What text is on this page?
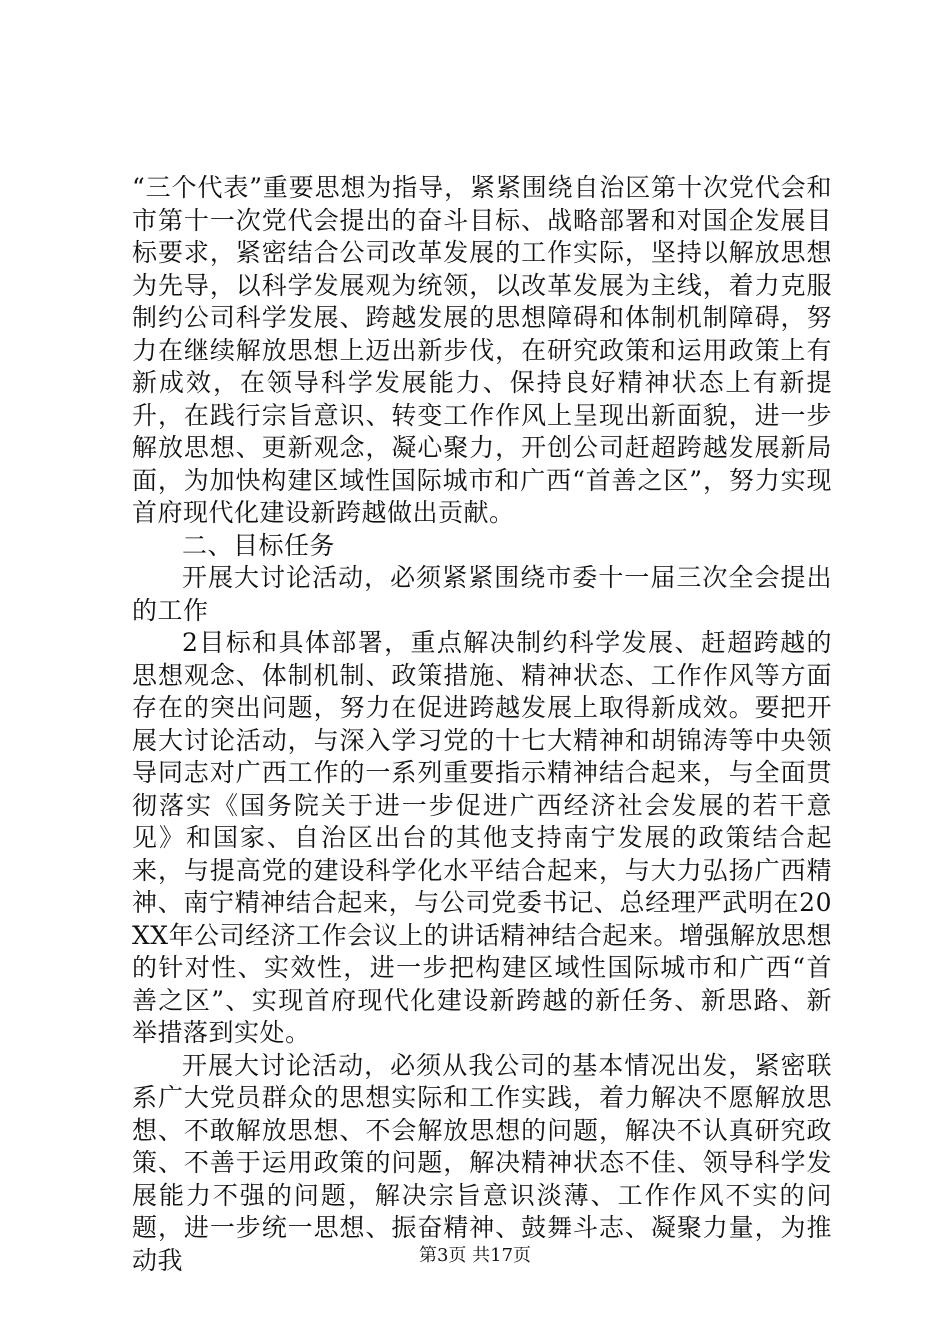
“三个代表”重要思想为指导，紧紧围绕自治区第十次党代会和市第十一次党代会提出的奋斗目标、战略部署和对国企发展目标要求，紧密结合公司改革发展的工作实际，坚持以解放思想为先导，以科学发展观为统领，以改革发展为主线，着力克服制约公司科学发展、跨越发展的思想障碍和体制机制障碍，努力在继续解放思想上迈出新步伐，在研究政策和运用政策上有新成效，在领导科学发展能力、保持良好精神状态上有新提升，在践行宗旨意识、转变工作作风上呈现出新面貌，进一步解放思想、更新观念，凝心聚力，开创公司赶超跨越发展新局面，为加快构建区域性国际城市和广西“首善之区”，努力实现首府现代化建设新跨越做出贡献。

二、目标任务

开展大讨论活动，必须紧紧围绕市委十一届三次全会提出的工作

2目标和具体部署，重点解决制约科学发展、赶超跨越的思想观念、体制机制、政策措施、精神状态、工作作风等方面存在的突出问题，努力在促进跨越发展上取得新成效。要把开展大讨论活动，与深入学习党的十七大精神和胡锦涛等中央领导同志对广西工作的一系列重要指示精神结合起来，与全面贯彻落实《国务院关于进一步促进广西经济社会发展的若干意见》和国家、自治区出台的其他支持南宁发展的政策结合起来，与提高党的建设科学化水平结合起来，与大力弘扬广西精神、南宁精神结合起来，与公司党委书记、总经理严武明在20XX年公司经济工作会议上的讲话精神结合起来。增强解放思想的针对性、实效性，进一步把构建区域性国际城市和广西“首善之区”、实现首府现代化建设新跨越的新任务、新思路、新举措落到实处。

开展大讨论活动，必须从我公司的基本情况出发，紧密联系广大党员群众的思想实际和工作实践，着力解决不愿解放思想、不敢解放思想、不会解放思想的问题，解决不认真研究政策、不善于运用政策的问题，解决精神状态不佳、领导科学发展能力不强的问题，解决宗旨意识淡薄、工作作风不实的问题，进一步统一思想、振奋精神、鼓舞斗志、凝聚力量，为推动我	第3页 共17页
